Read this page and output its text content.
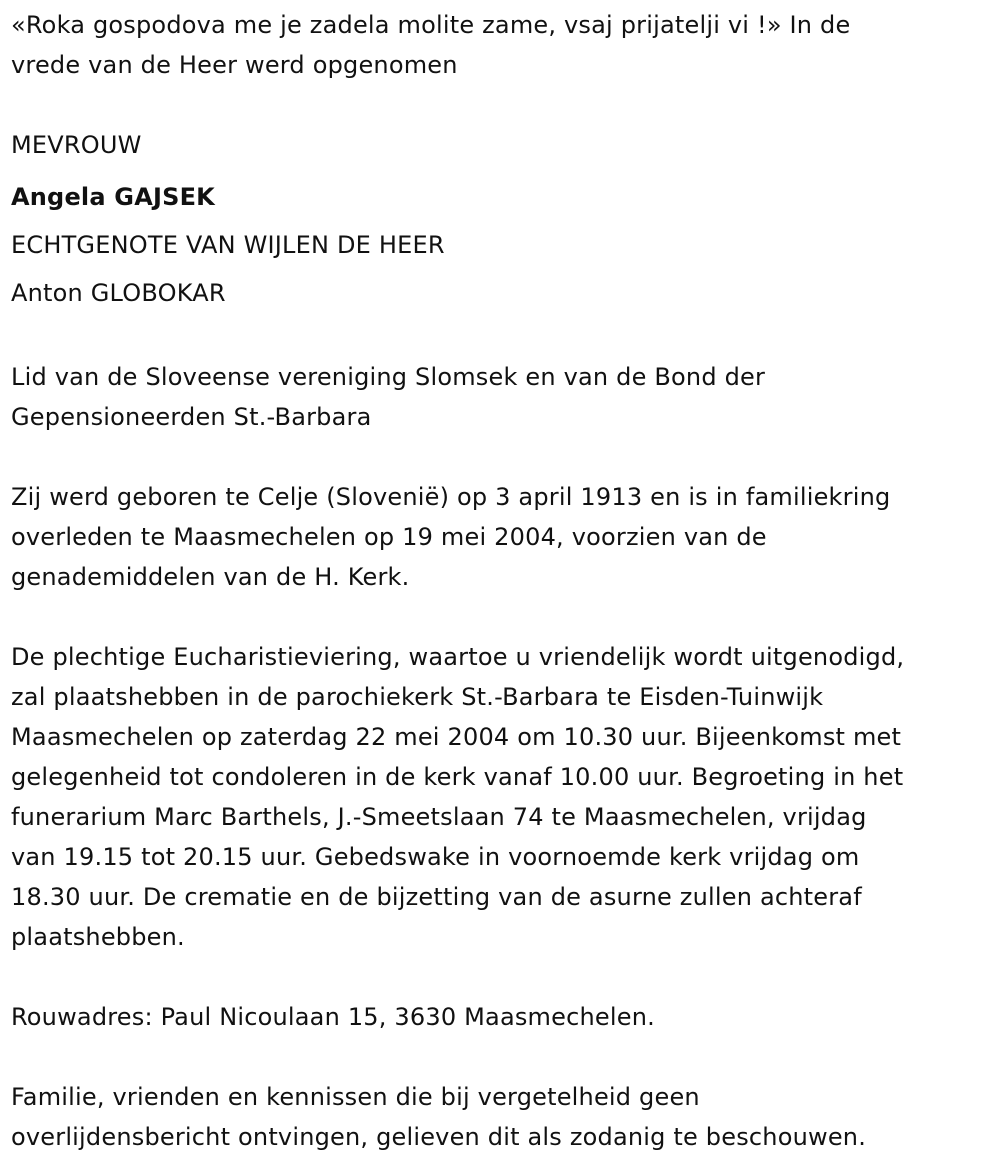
«Roka gospodova me je zadela molite zame, vsaj prijatelji vi !» In de

vrede van de Heer werd opgenomen

MEVROUW

Angela GAJSEK

ECHTGENOTE VAN WIJLEN DE HEER

Anton GLOBOKAR

Lid van de Sloveense vereniging Slomsek en van de Bond der

Gepensioneerden St.-Barbara

Zij werd geboren te Celje (Slovenië) op 3 april 1913 en is in familiekring

overleden te Maasmechelen op 19 mei 2004, voorzien van de

genademiddelen van de H. Kerk.

De plechtige Eucharistieviering, waartoe u vriendelijk wordt uitgenodigd,

zal plaatshebben in de parochiekerk St.-Barbara te Eisden-Tuinwijk

Maasmechelen op zaterdag 22 mei 2004 om 10.30 uur. Bijeenkomst met

gelegenheid tot condoleren in de kerk vanaf 10.00 uur. Begroeting in het

funerarium Marc Barthels, J.-Smeetslaan 74 te Maasmechelen, vrijdag

van 19.15 tot 20.15 uur. Gebedswake in voornoemde kerk vrijdag om

18.30 uur. De crematie en de bijzetting van de asurne zullen achteraf

plaatshebben.

Rouwadres: Paul Nicoulaan 15, 3630 Maasmechelen.

Familie, vrienden en kennissen die bij vergetelheid geen

overlijdensbericht ontvingen, gelieven dit als zodanig te beschouwen.
